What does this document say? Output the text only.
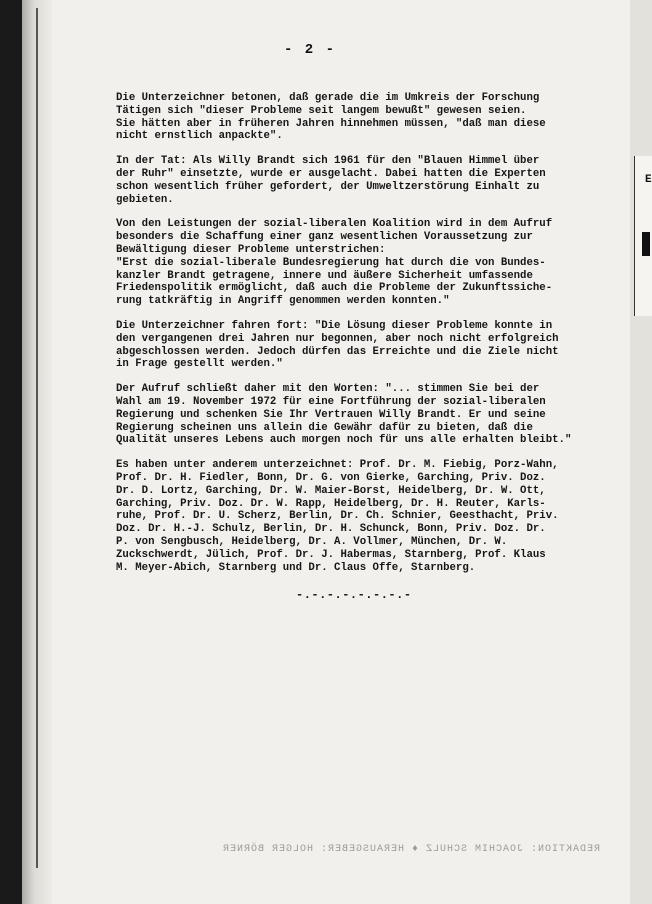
E
- 2 -
Die Unterzeichner betonen, daß gerade die im Umkreis der Forschung
Tätigen sich "dieser Probleme seit langem bewußt" gewesen seien.
Sie hätten aber in früheren Jahren hinnehmen müssen, "daß man diese
nicht ernstlich anpackte".
In der Tat: Als Willy Brandt sich 1961 für den "Blauen Himmel über
der Ruhr" einsetzte, wurde er ausgelacht. Dabei hatten die Experten
schon wesentlich früher gefordert, der Umweltzerstörung Einhalt zu
gebieten.
Von den Leistungen der sozial-liberalen Koalition wird in dem Aufruf
besonders die Schaffung einer ganz wesentlichen Voraussetzung zur
Bewältigung dieser Probleme unterstrichen:
"Erst die sozial-liberale Bundesregierung hat durch die von Bundes-
kanzler Brandt getragene, innere und äußere Sicherheit umfassende
Friedenspolitik ermöglicht, daß auch die Probleme der Zukunftssiche-
rung tatkräftig in Angriff genommen werden konnten."
Die Unterzeichner fahren fort: "Die Lösung dieser Probleme konnte in
den vergangenen drei Jahren nur begonnen, aber noch nicht erfolgreich
abgeschlossen werden. Jedoch dürfen das Erreichte und die Ziele nicht
in Frage gestellt werden."
Der Aufruf schließt daher mit den Worten: "... stimmen Sie bei der
Wahl am 19. November 1972 für eine Fortführung der sozial-liberalen
Regierung und schenken Sie Ihr Vertrauen Willy Brandt. Er und seine
Regierung scheinen uns allein die Gewähr dafür zu bieten, daß die
Qualität unseres Lebens auch morgen noch für uns alle erhalten bleibt."
Es haben unter anderem unterzeichnet: Prof. Dr. M. Fiebig, Porz-Wahn,
Prof. Dr. H. Fiedler, Bonn, Dr. G. von Gierke, Garching, Priv. Doz.
Dr. D. Lortz, Garching, Dr. W. Maier-Borst, Heidelberg, Dr. W. Ott,
Garching, Priv. Doz. Dr. W. Rapp, Heidelberg, Dr. H. Reuter, Karls-
ruhe, Prof. Dr. U. Scherz, Berlin, Dr. Ch. Schnier, Geesthacht, Priv.
Doz. Dr. H.-J. Schulz, Berlin, Dr. H. Schunck, Bonn, Priv. Doz. Dr.
P. von Sengbusch, Heidelberg, Dr. A. Vollmer, München, Dr. W.
Zuckschwerdt, Jülich, Prof. Dr. J. Habermas, Starnberg, Prof. Klaus
M. Meyer-Abich, Starnberg und Dr. Claus Offe, Starnberg.
-.-.-.-.-.-.-.-
REDAKTION: JOACHIM SCHULZ ♦ HERAUSGEBER: HOLGER BÖRNER
